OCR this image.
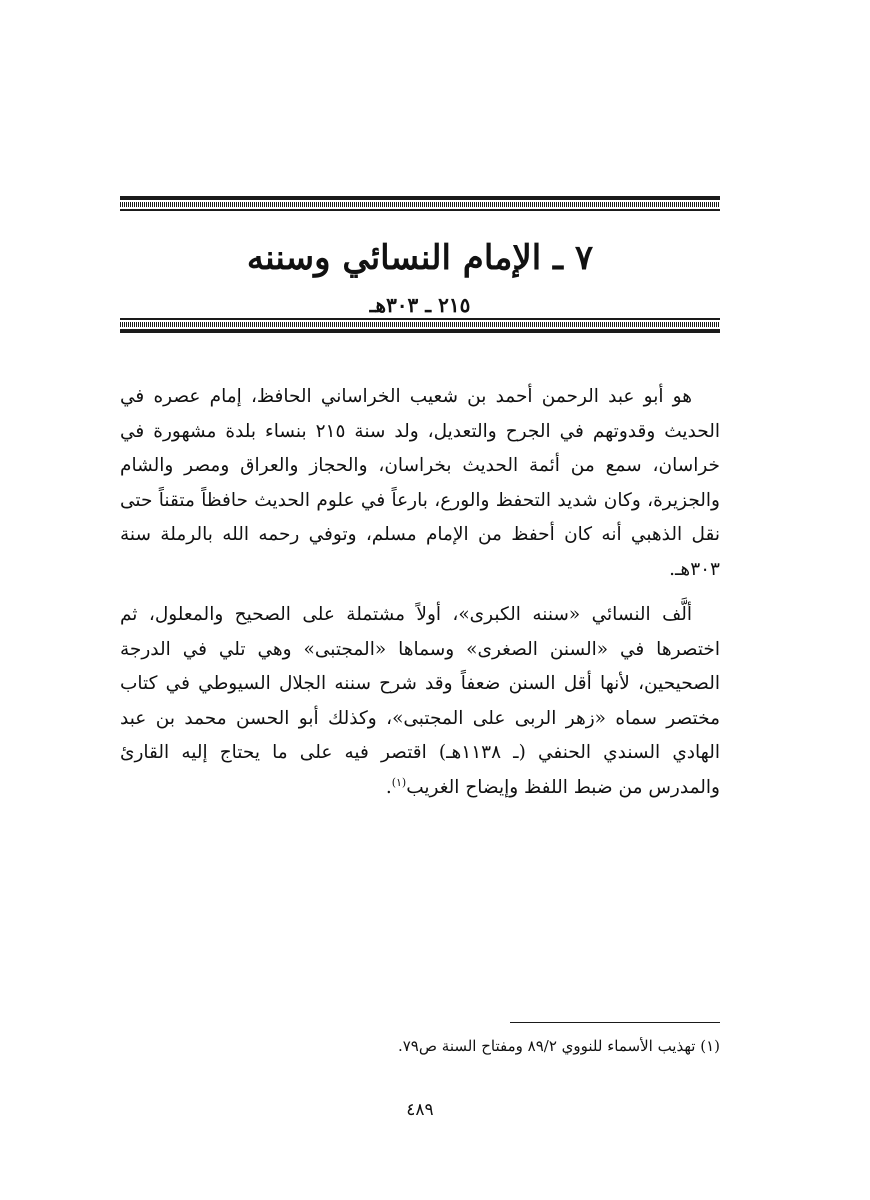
٧ ـ الإمام النسائي وسننه
٢١٥ ـ ٣٠٣هـ

هو أبو عبد الرحمن أحمد بن شعيب الخراساني الحافظ، إمام عصره في الحديث وقدوتهم في الجرح والتعديل، ولد سنة ٢١٥ بنساء بلدة مشهورة في خراسان، سمع من أئمة الحديث بخراسان، والحجاز والعراق ومصر والشام والجزيرة، وكان شديد التحفظ والورع، بارعاً في علوم الحديث حافظاً متقناً حتى نقل الذهبي أنه كان أحفظ من الإمام مسلم، وتوفي رحمه الله بالرملة سنة ٣٠٣هـ.

ألَّف النسائي «سننه الكبرى»، أولاً مشتملة على الصحيح والمعلول، ثم اختصرها في «السنن الصغرى» وسماها «المجتبى» وهي تلي في الدرجة الصحيحين، لأنها أقل السنن ضعفاً وقد شرح سننه الجلال السيوطي في كتاب مختصر سماه «زهر الربى على المجتبى»، وكذلك أبو الحسن محمد بن عبد الهادي السندي الحنفي (ـ ١١٣٨هـ) اقتصر فيه على ما يحتاج إليه القارئ والمدرس من ضبط اللفظ وإيضاح الغريب$^{(١)}$.

(١) تهذيب الأسماء للنووي ٨٩/٢ ومفتاح السنة ص٧٩.
٤٨٩
